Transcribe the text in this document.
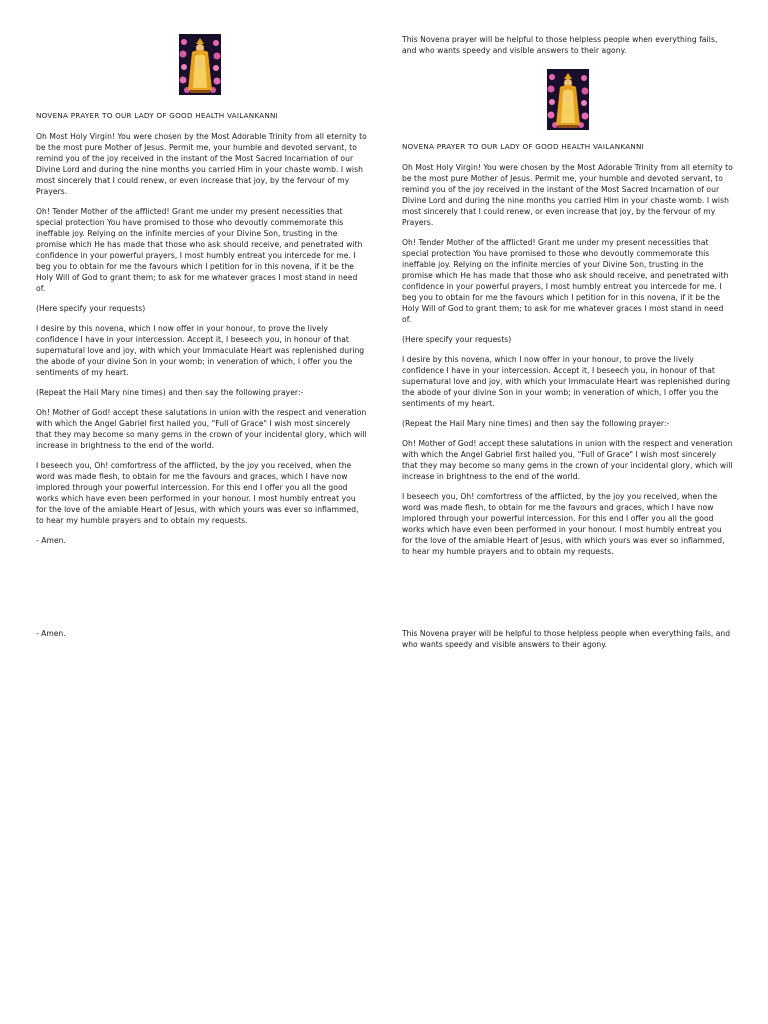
NOVENA PRAYER TO OUR LADY OF GOOD HEALTH VAILANKANNI

Oh Most Holy Virgin! You were chosen by the Most Adorable Trinity from all eternity to be the most pure Mother of Jesus. Permit me, your humble and devoted servant, to remind you of the joy received in the instant of the Most Sacred Incarnation of our Divine Lord and during the nine months you carried Him in your chaste womb. I wish most sincerely that I could renew, or even increase that joy, by the fervour of my Prayers.

Oh! Tender Mother of the afflicted! Grant me under my present necessities that special protection You have promised to those who devoutly commemorate this ineffable joy. Relying on the infinite mercies of your Divine Son, trusting in the promise which He has made that those who ask should receive, and penetrated with confidence in your powerful prayers, I most humbly entreat you intercede for me. I beg you to obtain for me the favours which I petition for in this novena, if it be the Holy Will of God to grant them; to ask for me whatever graces I most stand in need of.

(Here specify your requests)

I desire by this novena, which I now offer in your honour, to prove the lively confidence I have in your intercession. Accept it, I beseech you, in honour of that supernatural love and joy, with which your Immaculate Heart was replenished during the abode of your divine Son in your womb; in veneration of which, I offer you the sentiments of my heart.

(Repeat the Hail Mary nine times) and then say the following prayer:-

Oh! Mother of God! accept these salutations in union with the respect and veneration with which the Angel Gabriel first hailed you, "Full of Grace" I wish most sincerely that they may become so many gems in the crown of your incidental glory, which will increase in brightness to the end of the world.

I beseech you, Oh! comfortress of the afflicted, by the joy you received, when the word was made flesh, to obtain for me the favours and graces, which I have now implored through your powerful intercession. For this end I offer you all the good works which have even been performed in your honour. I most humbly entreat you for the love of the amiable Heart of Jesus, with which yours was ever so inflammed, to hear my humble prayers and to obtain my requests.

- Amen.

This Novena prayer will be helpful to those helpless people when everything fails, and who wants speedy and visible answers to their agony.

NOVENA PRAYER TO OUR LADY OF GOOD HEALTH VAILANKANNI

Oh Most Holy Virgin! You were chosen by the Most Adorable Trinity from all eternity to be the most pure Mother of Jesus. Permit me, your humble and devoted servant, to remind you of the joy received in the instant of the Most Sacred Incarnation of our Divine Lord and during the nine months you carried Him in your chaste womb. I wish most sincerely that I could renew, or even increase that joy, by the fervour of my Prayers.

Oh! Tender Mother of the afflicted! Grant me under my present necessities that special protection You have promised to those who devoutly commemorate this ineffable joy. Relying on the infinite mercies of your Divine Son, trusting in the promise which He has made that those who ask should receive, and penetrated with confidence in your powerful prayers, I most humbly entreat you intercede for me. I beg you to obtain for me the favours which I petition for in this novena, if it be the Holy Will of God to grant them; to ask for me whatever graces I most stand in need of.

(Here specify your requests)

I desire by this novena, which I now offer in your honour, to prove the lively confidence I have in your intercession. Accept it, I beseech you, in honour of that supernatural love and joy, with which your Immaculate Heart was replenished during the abode of your divine Son in your womb; in veneration of which, I offer you the sentiments of my heart.

(Repeat the Hail Mary nine times) and then say the following prayer:-

Oh! Mother of God! accept these salutations in union with the respect and veneration with which the Angel Gabriel first hailed you, "Full of Grace" I wish most sincerely that they may become so many gems in the crown of your incidental glory, which will increase in brightness to the end of the world.

I beseech you, Oh! comfortress of the afflicted, by the joy you received, when the word was made flesh, to obtain for me the favours and graces, which I have now implored through your powerful intercession. For this end I offer you all the good works which have even been performed in your honour. I most humbly entreat you for the love of the amiable Heart of Jesus, with which yours was ever so inflammed, to hear my humble prayers and to obtain my requests.

- Amen.	This Novena prayer will be helpful to those helpless people when everything fails, and who wants speedy and visible answers to their agony.
